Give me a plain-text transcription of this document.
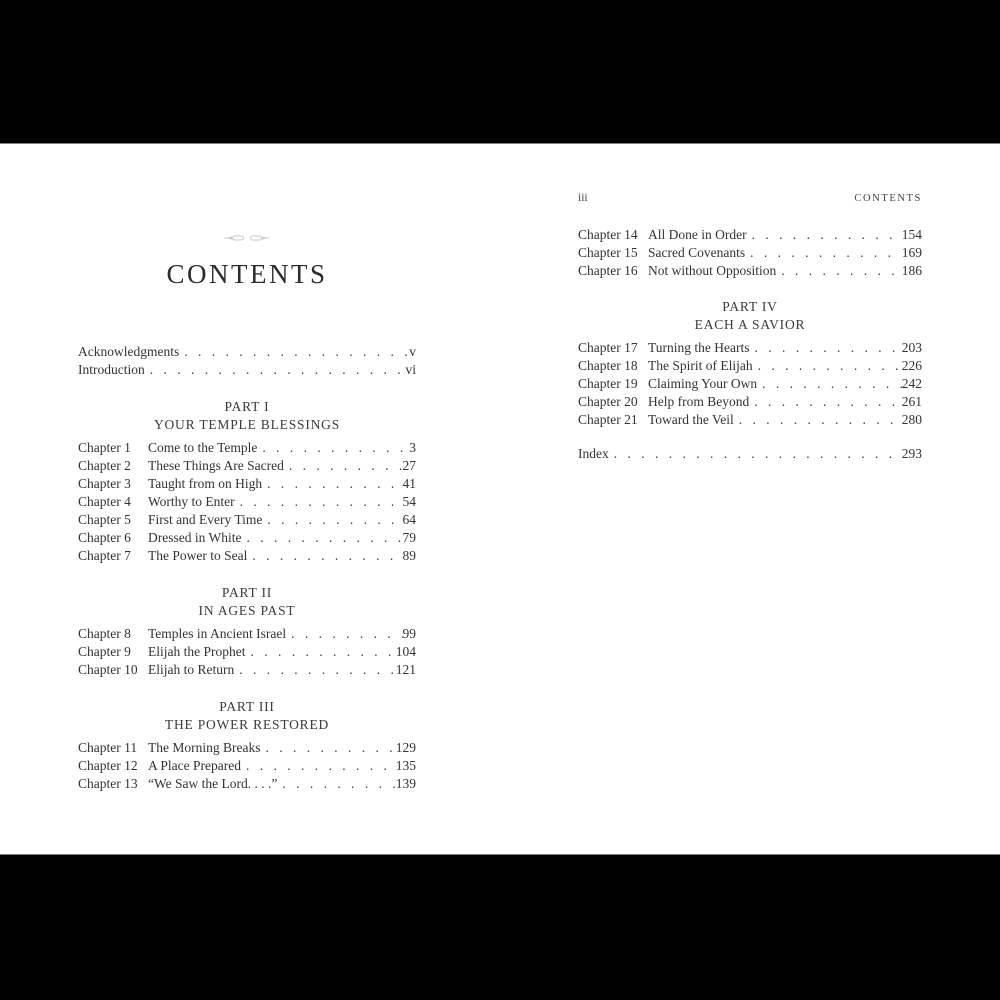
CONTENTS
Acknowledgments . . .	v
Introduction . . .	vi
PART I
YOUR TEMPLE BLESSINGS
Chapter 1	Come to the Temple . . .	3
Chapter 2	These Things Are Sacred . . .	27
Chapter 3	Taught from on High . . .	41
Chapter 4	Worthy to Enter . . .	54
Chapter 5	First and Every Time . . .	64
Chapter 6	Dressed in White . . .	79
Chapter 7	The Power to Seal . . .	89
PART II
IN AGES PAST
Chapter 8	Temples in Ancient Israel . . .	99
Chapter 9	Elijah the Prophet . . .	104
Chapter 10 Elijah to Return . . .	121
PART III
THE POWER RESTORED
Chapter 11 The Morning Breaks . . .	129
Chapter 12 A Place Prepared . . .	135
Chapter 13 “We Saw the Lord. . . .” . . .	139
iii	CONTENTS
Chapter 14 All Done in Order . . .	154
Chapter 15 Sacred Covenants . . .	169
Chapter 16 Not without Opposition . . .	186
PART IV
EACH A SAVIOR
Chapter 17 Turning the Hearts . . .	203
Chapter 18 The Spirit of Elijah . . .	226
Chapter 19 Claiming Your Own . . .	242
Chapter 20 Help from Beyond . . .	261
Chapter 21 Toward the Veil . . .	280
Index . . .	293
